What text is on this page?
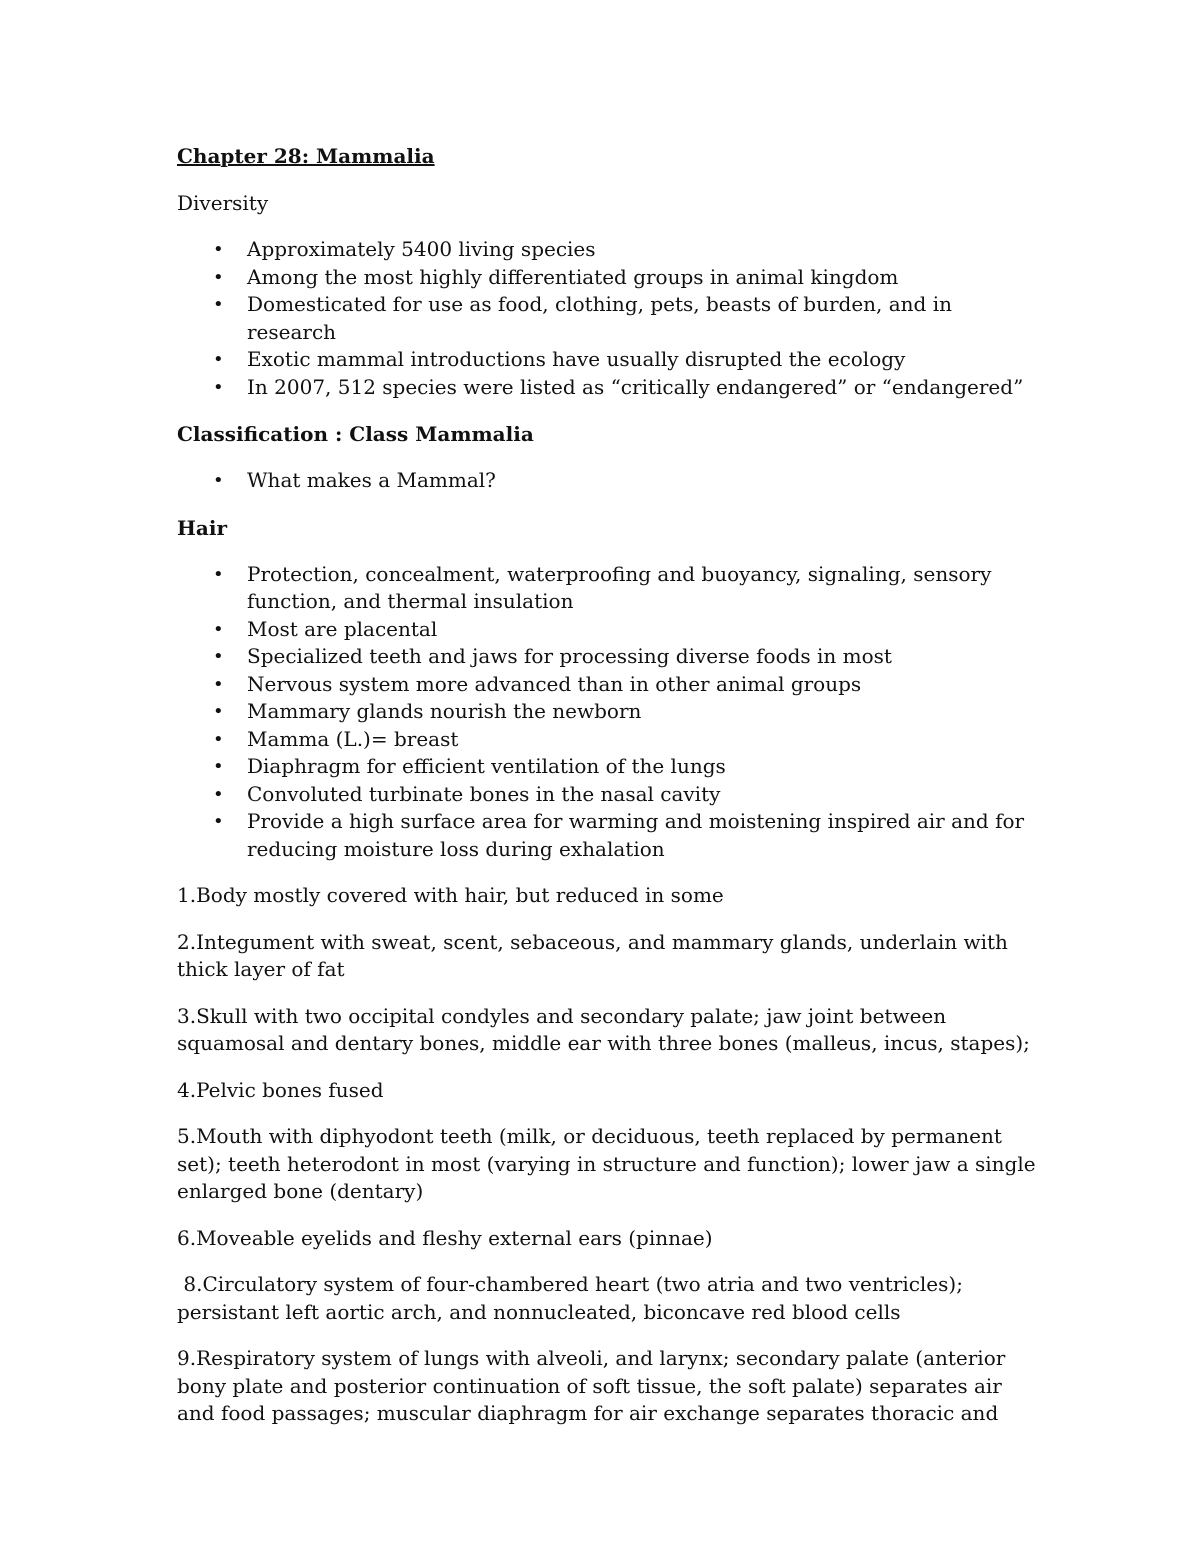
Chapter 28: Mammalia
Diversity
• Approximately 5400 living species
• Among the most highly differentiated groups in animal kingdom
• Domesticated for use as food, clothing, pets, beasts of burden, and in research
• Exotic mammal introductions have usually disrupted the ecology
• In 2007, 512 species were listed as “critically endangered” or “endangered”
Classification : Class Mammalia
• What makes a Mammal?
Hair
• Protection, concealment, waterproofing and buoyancy, signaling, sensory function, and thermal insulation
• Most are placental
• Specialized teeth and jaws for processing diverse foods in most
• Nervous system more advanced than in other animal groups
• Mammary glands nourish the newborn
• Mamma (L.)= breast
• Diaphragm for efficient ventilation of the lungs
• Convoluted turbinate bones in the nasal cavity
• Provide a high surface area for warming and moistening inspired air and for reducing moisture loss during exhalation
1.Body mostly covered with hair, but reduced in some
2.Integument with sweat, scent, sebaceous, and mammary glands, underlain with thick layer of fat
3.Skull with two occipital condyles and secondary palate; jaw joint between squamosal and dentary bones, middle ear with three bones (malleus, incus, stapes);
4.Pelvic bones fused
5.Mouth with diphyodont teeth (milk, or deciduous, teeth replaced by permanent set); teeth heterodont in most (varying in structure and function); lower jaw a single enlarged bone (dentary)
6.Moveable eyelids and fleshy external ears (pinnae)
8.Circulatory system of four-chambered heart (two atria and two ventricles); persistant left aortic arch, and nonnucleated, biconcave red blood cells
9.Respiratory system of lungs with alveoli, and larynx; secondary palate (anterior bony plate and posterior continuation of soft tissue, the soft palate) separates air and food passages; muscular diaphragm for air exchange separates thoracic and
